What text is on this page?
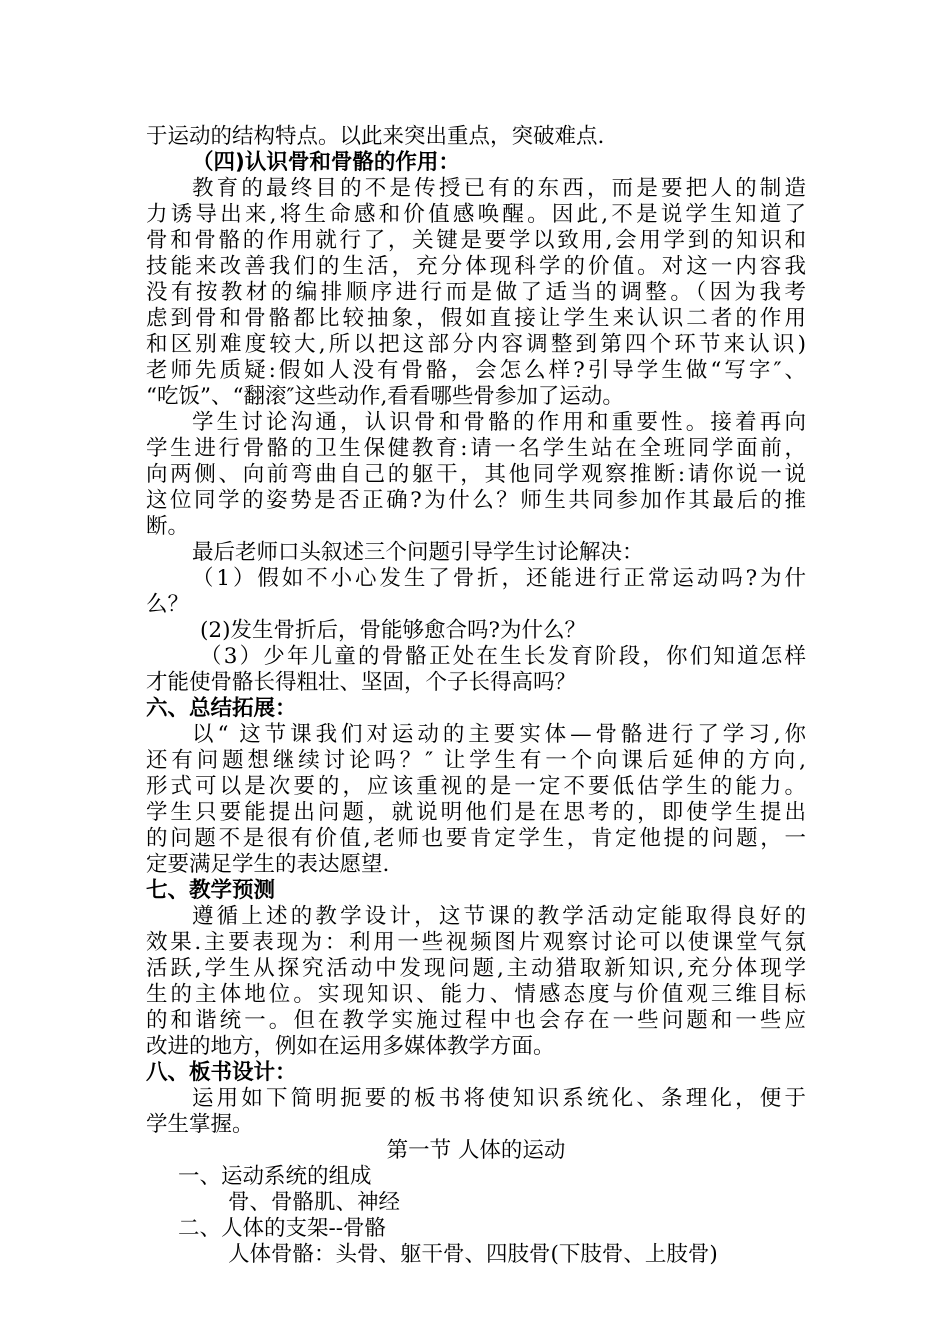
于运动的结构特点。以此来突出重点，突破难点.
（四)认识骨和骨骼的作用：
教育的最终目的不是传授已有的东西，而是要把人的制造
力诱导出来,将生命感和价值感唤醒。因此,不是说学生知道了
骨和骨骼的作用就行了，关键是要学以致用,会用学到的知识和
技能来改善我们的生活，充分体现科学的价值。对这一内容我
没有按教材的编排顺序进行而是做了适当的调整。（因为我考
虑到骨和骨骼都比较抽象，假如直接让学生来认识二者的作用
和区别难度较大,所以把这部分内容调整到第四个环节来认识)
老师先质疑:假如人没有骨骼，会怎么样?引导学生做“写字″、
“吃饭”、“翻滚″这些动作,看看哪些骨参加了运动。
学生讨论沟通，认识骨和骨骼的作用和重要性。接着再向
学生进行骨骼的卫生保健教育:请一名学生站在全班同学面前，
向两侧、向前弯曲自己的躯干，其他同学观察推断:请你说一说
这位同学的姿势是否正确?为什么？师生共同参加作其最后的推
断。
最后老师口头叙述三个问题引导学生讨论解决：
（1）假如不小心发生了骨折，还能进行正常运动吗?为什
么？
(2)发生骨折后，骨能够愈合吗?为什么？
（3）少年儿童的骨骼正处在生长发育阶段，你们知道怎样
才能使骨骼长得粗壮、坚固，个子长得高吗？
六、总结拓展：
以“ 这节课我们对运动的主要实体—骨骼进行了学习,你
还有问题想继续讨论吗？″ 让学生有一个向课后延伸的方向,
形式可以是次要的，应该重视的是一定不要低估学生的能力。
学生只要能提出问题，就说明他们是在思考的，即使学生提出
的问题不是很有价值,老师也要肯定学生，肯定他提的问题，一
定要满足学生的表达愿望.
七、教学预测
遵循上述的教学设计，这节课的教学活动定能取得良好的
效果.主要表现为：利用一些视频图片观察讨论可以使课堂气氛
活跃,学生从探究活动中发现问题,主动猎取新知识,充分体现学
生的主体地位。实现知识、能力、情感态度与价值观三维目标
的和谐统一。但在教学实施过程中也会存在一些问题和一些应
改进的地方，例如在运用多媒体教学方面。
八、板书设计：
运用如下简明扼要的板书将使知识系统化、条理化，便于
学生掌握。
第一节 人体的运动
一、运动系统的组成
骨、骨骼肌、神经
二、人体的支架--骨骼
人体骨骼：头骨、躯干骨、四肢骨(下肢骨、上肢骨)
